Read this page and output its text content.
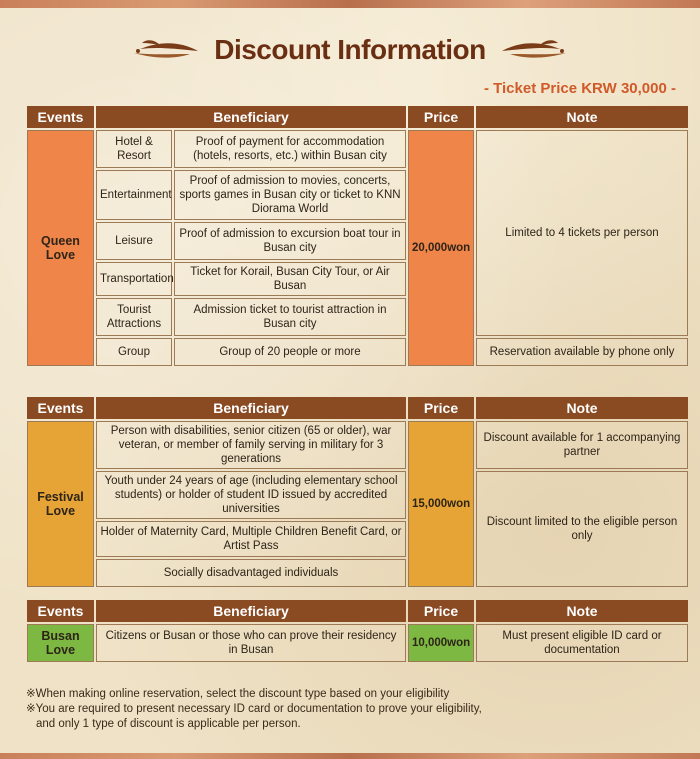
Discount Information
- Ticket Price KRW 30,000 -
Events	Beneficiary		Price	Note
Queen Love	Hotel & Resort	Proof of payment for accommodation (hotels, resorts, etc.) within Busan city	20,000won	Limited to 4 tickets per person
	Entertainment	Proof of admission to movies, concerts, sports games in Busan city or ticket to KNN Diorama World		
	Leisure	Proof of admission to excursion boat tour in Busan city		
	Transportation	Ticket for Korail, Busan City Tour, or Air Busan		
	Tourist Attractions	Admission ticket to tourist attraction in Busan city		
	Group	Group of 20 people or more		Reservation available by phone only
Events	Beneficiary	Price	Note
Festival Love	Person with disabilities, senior citizen (65 or older), war veteran, or member of family serving in military for 3 generations	15,000won	Discount available for 1 accompanying partner
	Youth under 24 years of age (including elementary school students) or holder of student ID issued by accredited universities		Discount limited to the eligible person only
	Holder of Maternity Card, Multiple Children Benefit Card, or Artist Pass		
	Socially disadvantaged individuals		
Events	Beneficiary	Price	Note
Busan Love	Citizens or Busan or those who can prove their residency in Busan	10,000won	Must present eligible ID card or documentation
※When making online reservation, select the discount type based on your eligibility
※You are required to present necessary ID card or documentation to prove your eligibility,
and only 1 type of discount is applicable per person.
